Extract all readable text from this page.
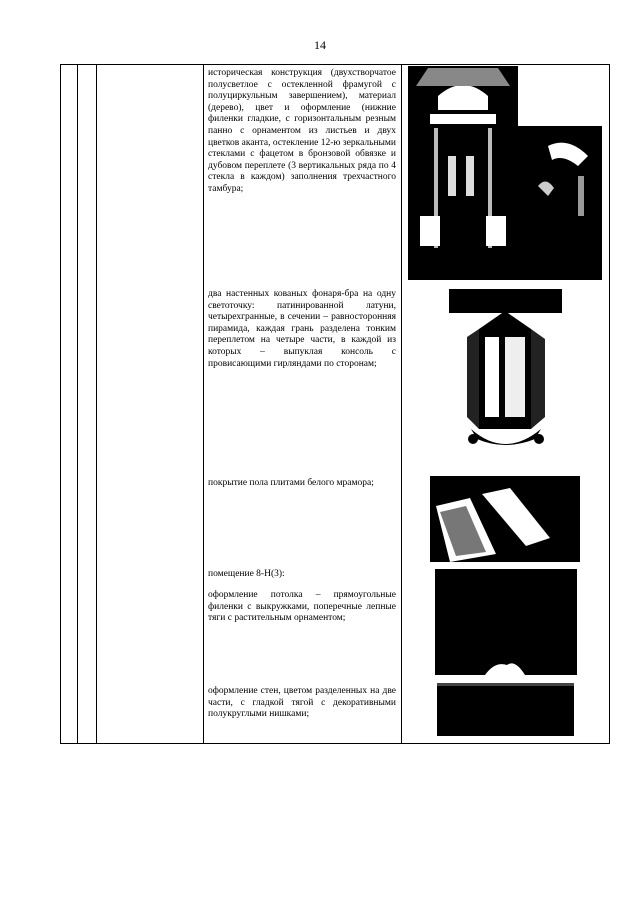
14
историческая конструкция (двухстворчатое полусветлое с остекленной фрамугой с полуциркульным завершением), материал (дерево), цвет и оформление (нижние филенки гладкие, с горизонтальным резным панно с орнаментом из листьев и двух цветков аканта, остекление 12-ю зеркальными стеклами с фацетом в бронзовой обвязке и дубовом переплете (3 вертикальных ряда по 4 стекла в каждом) заполнения трехчастного тамбура;
два настенных кованых фонаря-бра на одну светоточку: патинированной латуни, четырехгранные, в сечении – равносторонняя пирамида, каждая грань разделена тонким переплетом на четыре части, в каждой из которых – выпуклая консоль с провисающими гирляндами по сторонам;
покрытие пола плитами белого мрамора;
помещение 8-Н(3):
оформление потолка – прямоугольные филенки с выкружками, поперечные лепные тяги с растительным орнаментом;
оформление стен, цветом разделенных на две части, с гладкой тягой с декоративными полукруглыми нишками;
